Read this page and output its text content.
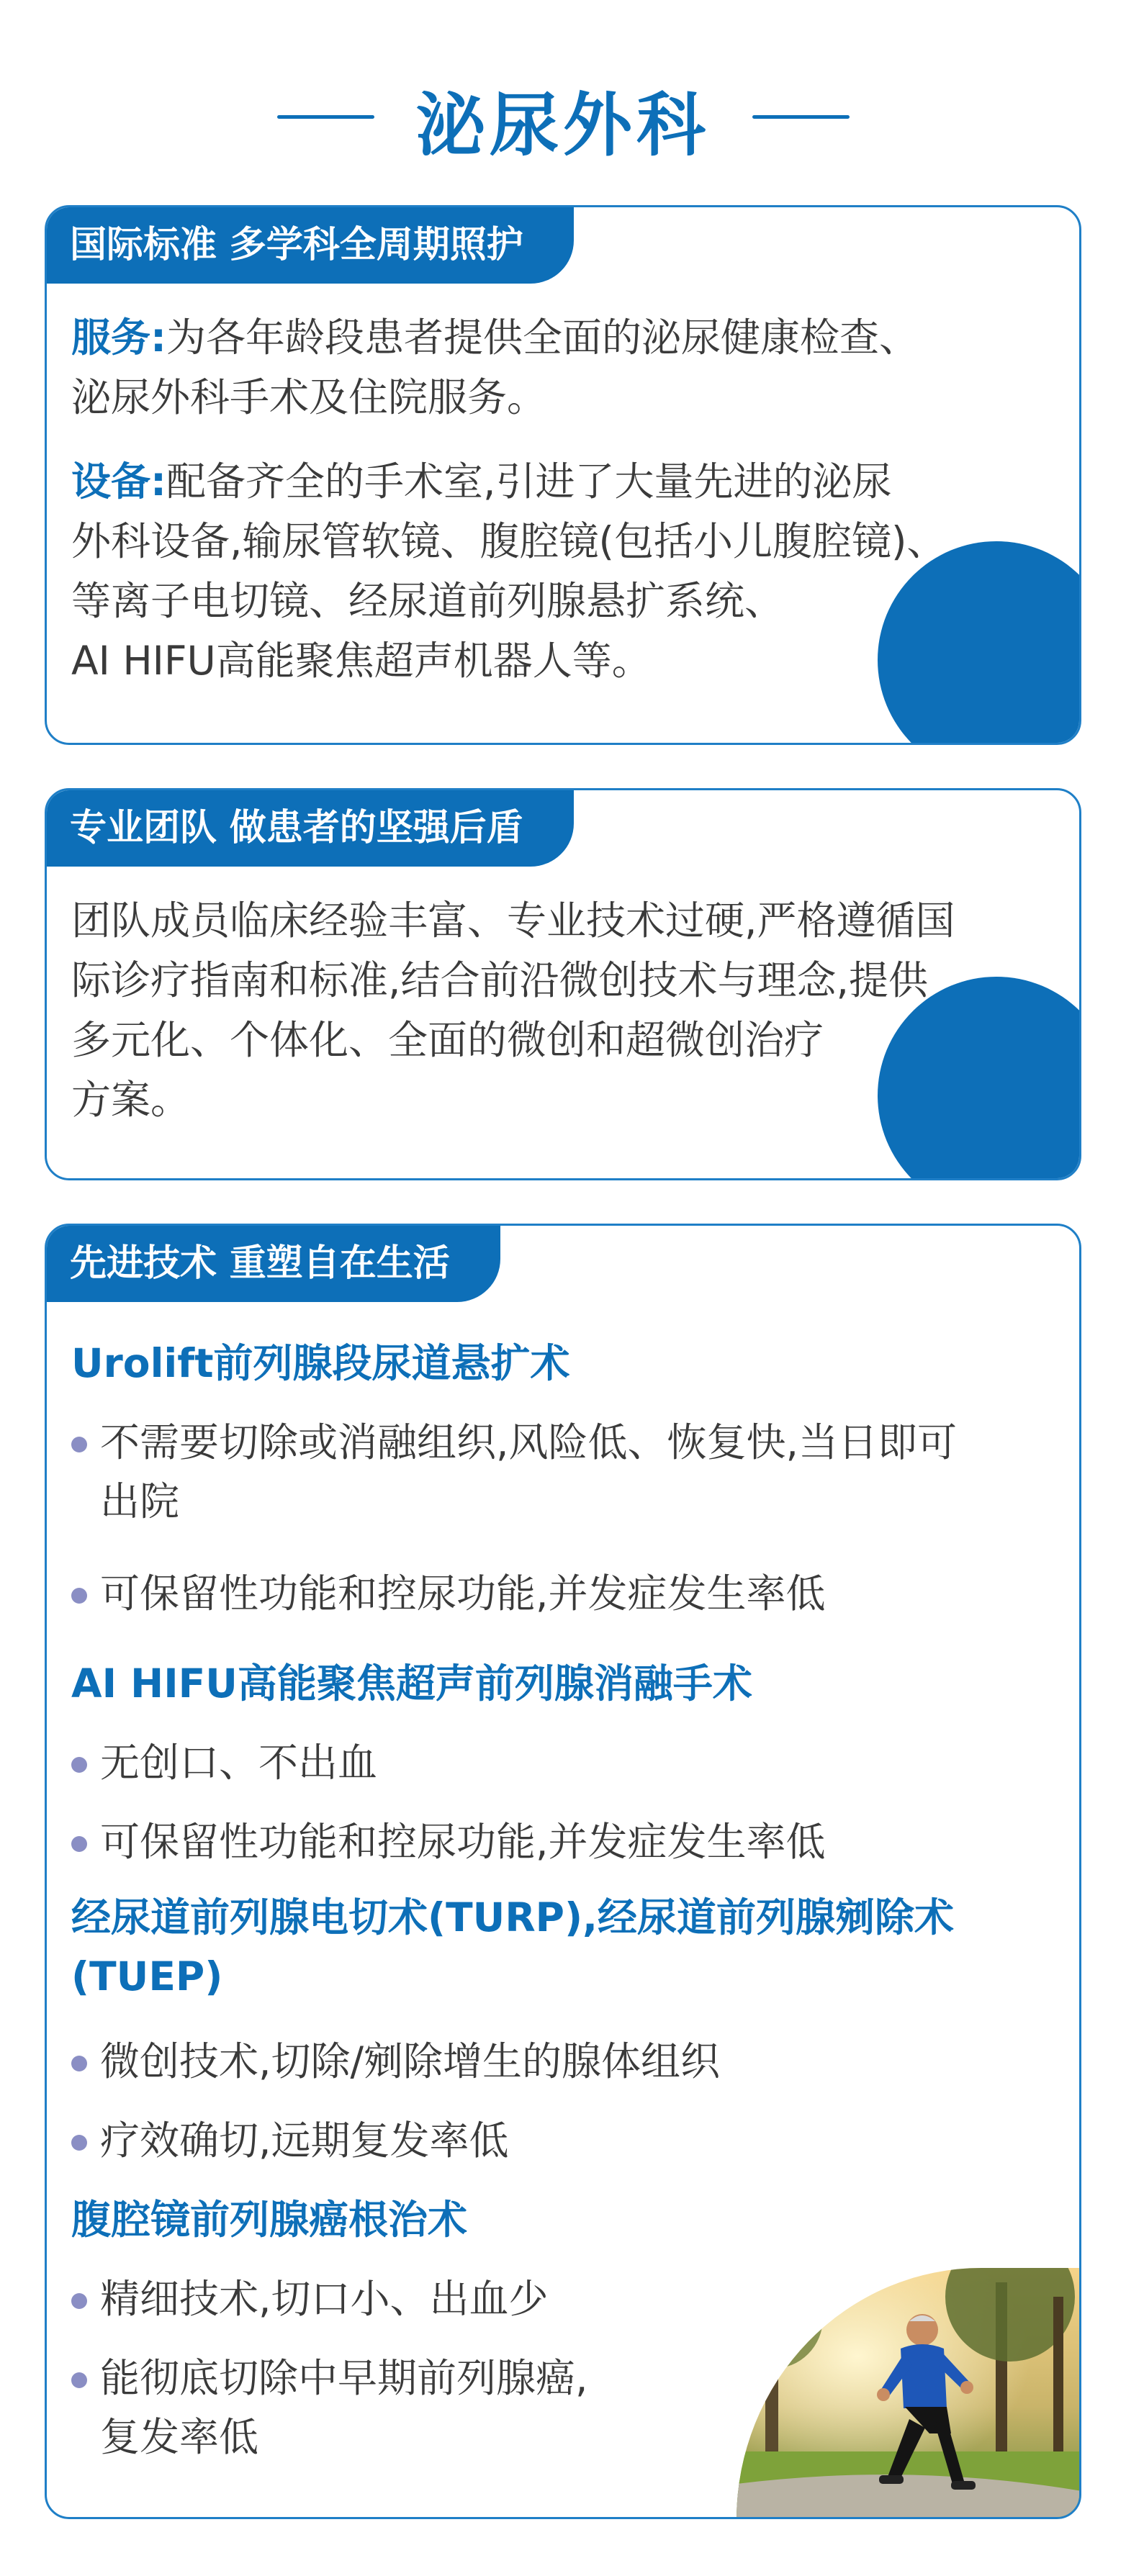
泌尿外科
国际标准 多学科全周期照护
服务:为各年龄段患者提供全面的泌尿健康检查、
泌尿外科手术及住院服务。
设备:配备齐全的手术室,引进了大量先进的泌尿
外科设备,输尿管软镜、腹腔镜(包括小儿腹腔镜)、
等离子电切镜、经尿道前列腺悬扩系统、
AI HIFU高能聚焦超声机器人等。
专业团队 做患者的坚强后盾
团队成员临床经验丰富、专业技术过硬,严格遵循国
际诊疗指南和标准,结合前沿微创技术与理念,提供
多元化、个体化、全面的微创和超微创治疗
方案。
先进技术 重塑自在生活
Urolift前列腺段尿道悬扩术
不需要切除或消融组织,风险低、恢复快,当日即可
出院
可保留性功能和控尿功能,并发症发生率低
AI HIFU高能聚焦超声前列腺消融手术
无创口、不出血
可保留性功能和控尿功能,并发症发生率低
经尿道前列腺电切术(TURP),经尿道前列腺剜除术
(TUEP)
微创技术,切除/剜除增生的腺体组织
疗效确切,远期复发率低
腹腔镜前列腺癌根治术
精细技术,切口小、出血少
能彻底切除中早期前列腺癌,
复发率低
